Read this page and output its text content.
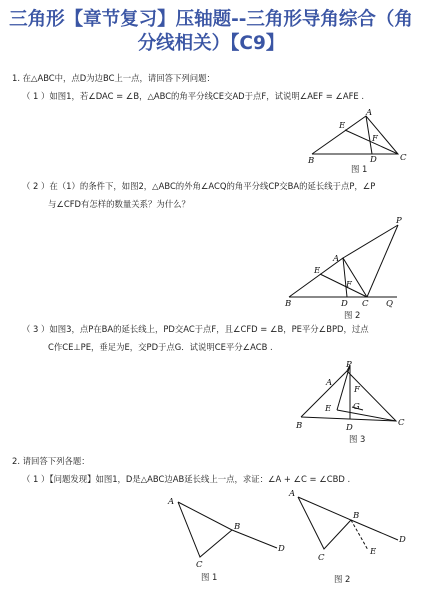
三角形【章节复习】压轴题--三角形导角综合（角
分线相关）【C9】
1. 在△ABC中，点D为边BC上一点，请回答下列问题：
（ 1 ）如图1，若∠DAC = ∠B，△ABC的角平分线CE交AD于点F，试说明∠AEF = ∠AFE .
（ 2 ）在（1）的条件下，如图2，△ABC的外角∠ACQ的角平分线CP交BA的延长线于点P，∠P
与∠CFD有怎样的数量关系？为什么？
（ 3 ）如图3，点P在BA的延长线上，PD交AC于点F，且∠CFD = ∠B，PE平分∠BPD，过点
C作CE⊥PE，垂足为E，交PD于点G．试说明CE平分∠ACB .
2. 请回答下列各题：
（ 1 ）【问题发现】如图1，D是△ABC边AB延长线上一点，求证：∠A + ∠C = ∠CBD .
B
A
C
D
E
F
B
A
P
E
F
D C Q
B
P
A
F
G
E
D	C
A
B
C
D
A
B
C
D
E
图 1
图 2
图 3
图 1	图 2
